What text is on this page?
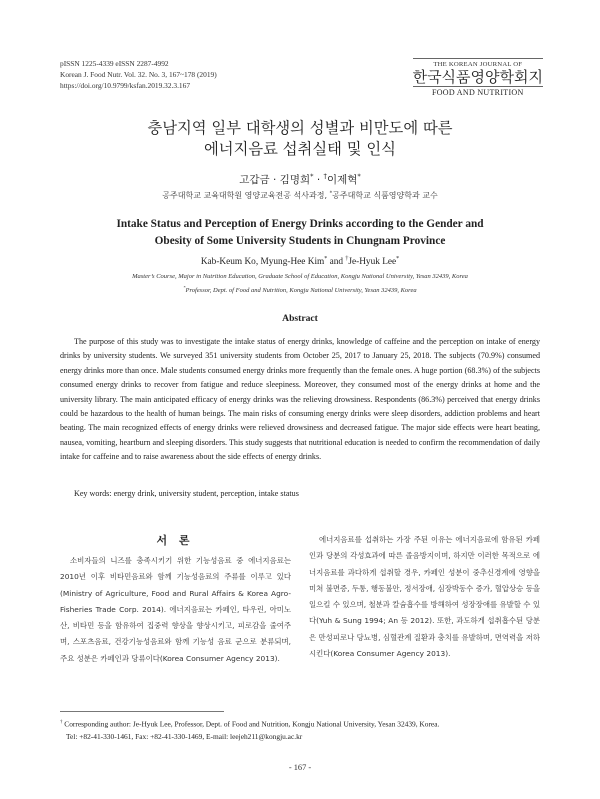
pISSN 1225-4339 eISSN 2287-4992
Korean J. Food Nutr. Vol. 32. No. 3, 167~178 (2019)
https://doi.org/10.9799/ksfan.2019.32.3.167
THE KOREAN JOURNAL OF
한국식품영양학회지
FOOD AND NUTRITION
충남지역 일부 대학생의 성별과 비만도에 따른
에너지음료 섭취실태 및 인식
고갑금 · 김명희* · †이제혁*
공주대학교 교육대학원 영양교육전공 석사과정, *공주대학교 식품영양학과 교수
Intake Status and Perception of Energy Drinks according to the Gender and
Obesity of Some University Students in Chungnam Province
Kab-Keum Ko, Myung-Hee Kim* and †Je-Hyuk Lee*
Master’s Course, Major in Nutrition Education, Graduate School of Education, Kongju National University, Yesan 32439, Korea
*Professor, Dept. of Food and Nutrition, Kongju National University, Yesan 32439, Korea
Abstract

The purpose of this study was to investigate the intake status of energy drinks, knowledge of caffeine and the perception on intake of energy drinks by university students. We surveyed 351 university students from October 25, 2017 to January 25, 2018. The subjects (70.9%) consumed energy drinks more than once. Male students consumed energy drinks more frequently than the female ones. A huge portion (68.3%) of the subjects consumed energy drinks to recover from fatigue and reduce sleepiness. Moreover, they consumed most of the energy drinks at home and the university library. The main anticipated efficacy of energy drinks was the relieving drowsiness. Respondents (86.3%) perceived that energy drinks could be hazardous to the health of human beings. The main risks of consuming energy drinks were sleep disorders, addiction problems and heart beating. The main recognized effects of energy drinks were relieved drowsiness and decreased fatigue. The major side effects were heart beating, nausea, vomiting, heartburn and sleeping disorders. This study suggests that nutritional education is needed to confirm the recommendation of daily intake for caffeine and to raise awareness about the side effects of energy drinks.

Key words: energy drink, university student, perception, intake status
서 론

소비자들의 니즈를 충족시키기 위한 기능성음료 중 에너지음료는 2010년 이후 비타민음료와 함께 기능성음료의 주류를 이루고 있다(Ministry of Agriculture, Food and Rural Affairs & Korea Agro-Fisheries Trade Corp. 2014). 에너지음료는 카페인, 타우린, 아미노산, 비타민 등을 함유하여 집중력 향상을 향상시키고, 피로감을 줄여주며, 스포츠음료, 건강기능성음료와 함께 기능성 음료 군으로 분류되며, 주요 성분은 카페인과 당류이다(Korea Consumer Agency 2013).

에너지음료를 섭취하는 가장 주된 이유는 에너지음료에 함유된 카페인과 당분의 각성효과에 따른 졸음방지이며, 하지만 이러한 목적으로 에너지음료를 과다하게 섭취할 경우, 카페인 성분이 중추신경계에 영향을 미쳐 불면증, 두통, 행동불안, 정서장애, 심장박동수 증가, 혈압상승 등을 일으킬 수 있으며, 철분과 칼슘흡수를 방해하여 성장장애를 유발할 수 있다(Yuh & Sung 1994; An 등 2012). 또한, 과도하게 섭취흡수된 당분은 만성피로나 당뇨병, 심혈관계 질환과 충치를 유발하며, 면역력을 저하시킨다(Korea Consumer Agency 2013).

† Corresponding author: Je-Hyuk Lee, Professor, Dept. of Food and Nutrition, Kongju National University, Yesan 32439, Korea.
Tel: +82-41-330-1461, Fax: +82-41-330-1469, E-mail: leejeh211@kongju.ac.kr
- 167 -
